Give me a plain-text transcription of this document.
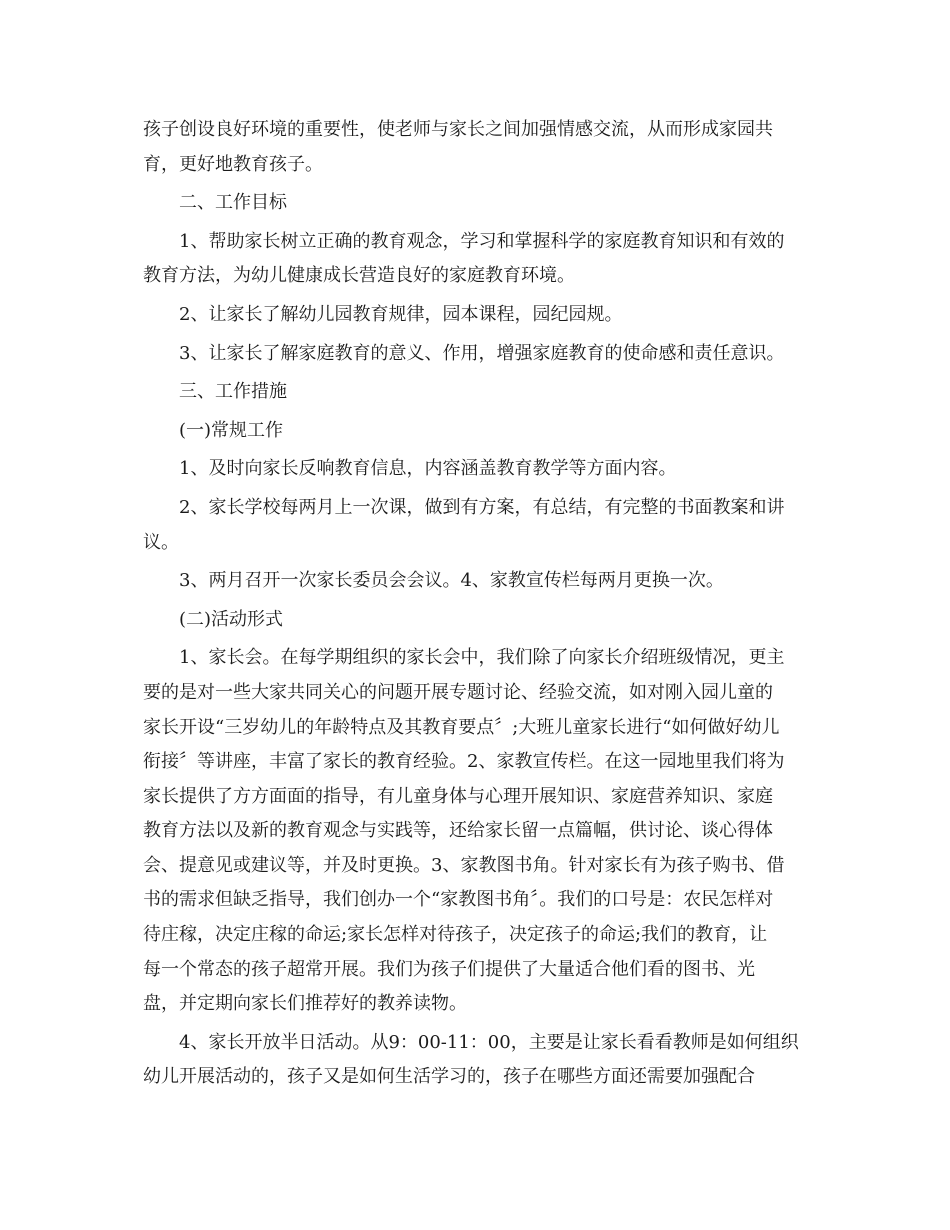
孩子创设良好环境的重要性，使老师与家长之间加强情感交流，从而形成家园共
育，更好地教育孩子。
二、工作目标
1、帮助家长树立正确的教育观念，学习和掌握科学的家庭教育知识和有效的
教育方法，为幼儿健康成长营造良好的家庭教育环境。
2、让家长了解幼儿园教育规律，园本课程，园纪园规。
3、让家长了解家庭教育的意义、作用，增强家庭教育的使命感和责任意识。
三、工作措施
(一)常规工作
1、及时向家长反响教育信息，内容涵盖教育教学等方面内容。
2、家长学校每两月上一次课，做到有方案，有总结，有完整的书面教案和讲
议。
3、两月召开一次家长委员会会议。4、家教宣传栏每两月更换一次。
(二)活动形式
1、家长会。在每学期组织的家长会中，我们除了向家长介绍班级情况，更主
要的是对一些大家共同关心的问题开展专题讨论、经验交流，如对刚入园儿童的
家长开设“三岁幼儿的年龄特点及其教育要点〞;大班儿童家长进行“如何做好幼儿
衔接〞等讲座，丰富了家长的教育经验。2、家教宣传栏。在这一园地里我们将为
家长提供了方方面面的指导，有儿童身体与心理开展知识、家庭营养知识、家庭
教育方法以及新的教育观念与实践等，还给家长留一点篇幅，供讨论、谈心得体
会、提意见或建议等，并及时更换。3、家教图书角。针对家长有为孩子购书、借
书的需求但缺乏指导，我们创办一个“家教图书角〞。我们的口号是：农民怎样对
待庄稼，决定庄稼的命运;家长怎样对待孩子，决定孩子的命运;我们的教育，让
每一个常态的孩子超常开展。我们为孩子们提供了大量适合他们看的图书、光
盘，并定期向家长们推荐好的教养读物。
4、家长开放半日活动。从9：00-11：00，主要是让家长看看教师是如何组织
幼儿开展活动的，孩子又是如何生活学习的，孩子在哪些方面还需要加强配合
